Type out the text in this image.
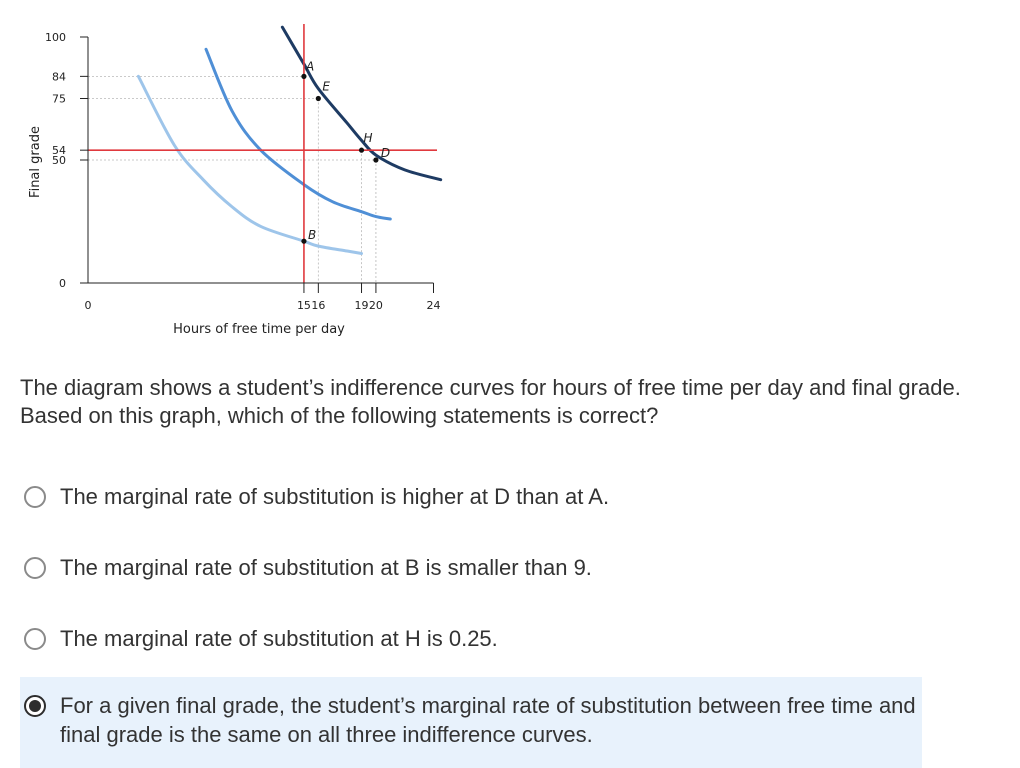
0
50
54
75
84
100
0	15 16	19 20	24
A
E
H
D
B
Hours of free time per day
Final grade

The diagram shows a student’s indifference curves for hours of free time per day and final grade. Based on this graph, which of the following statements is correct?

The marginal rate of substitution is higher at D than at A.
The marginal rate of substitution at B is smaller than 9.
The marginal rate of substitution at H is 0.25.
For a given final grade, the student’s marginal rate of substitution between free time and final grade is the same on all three indifference curves.
